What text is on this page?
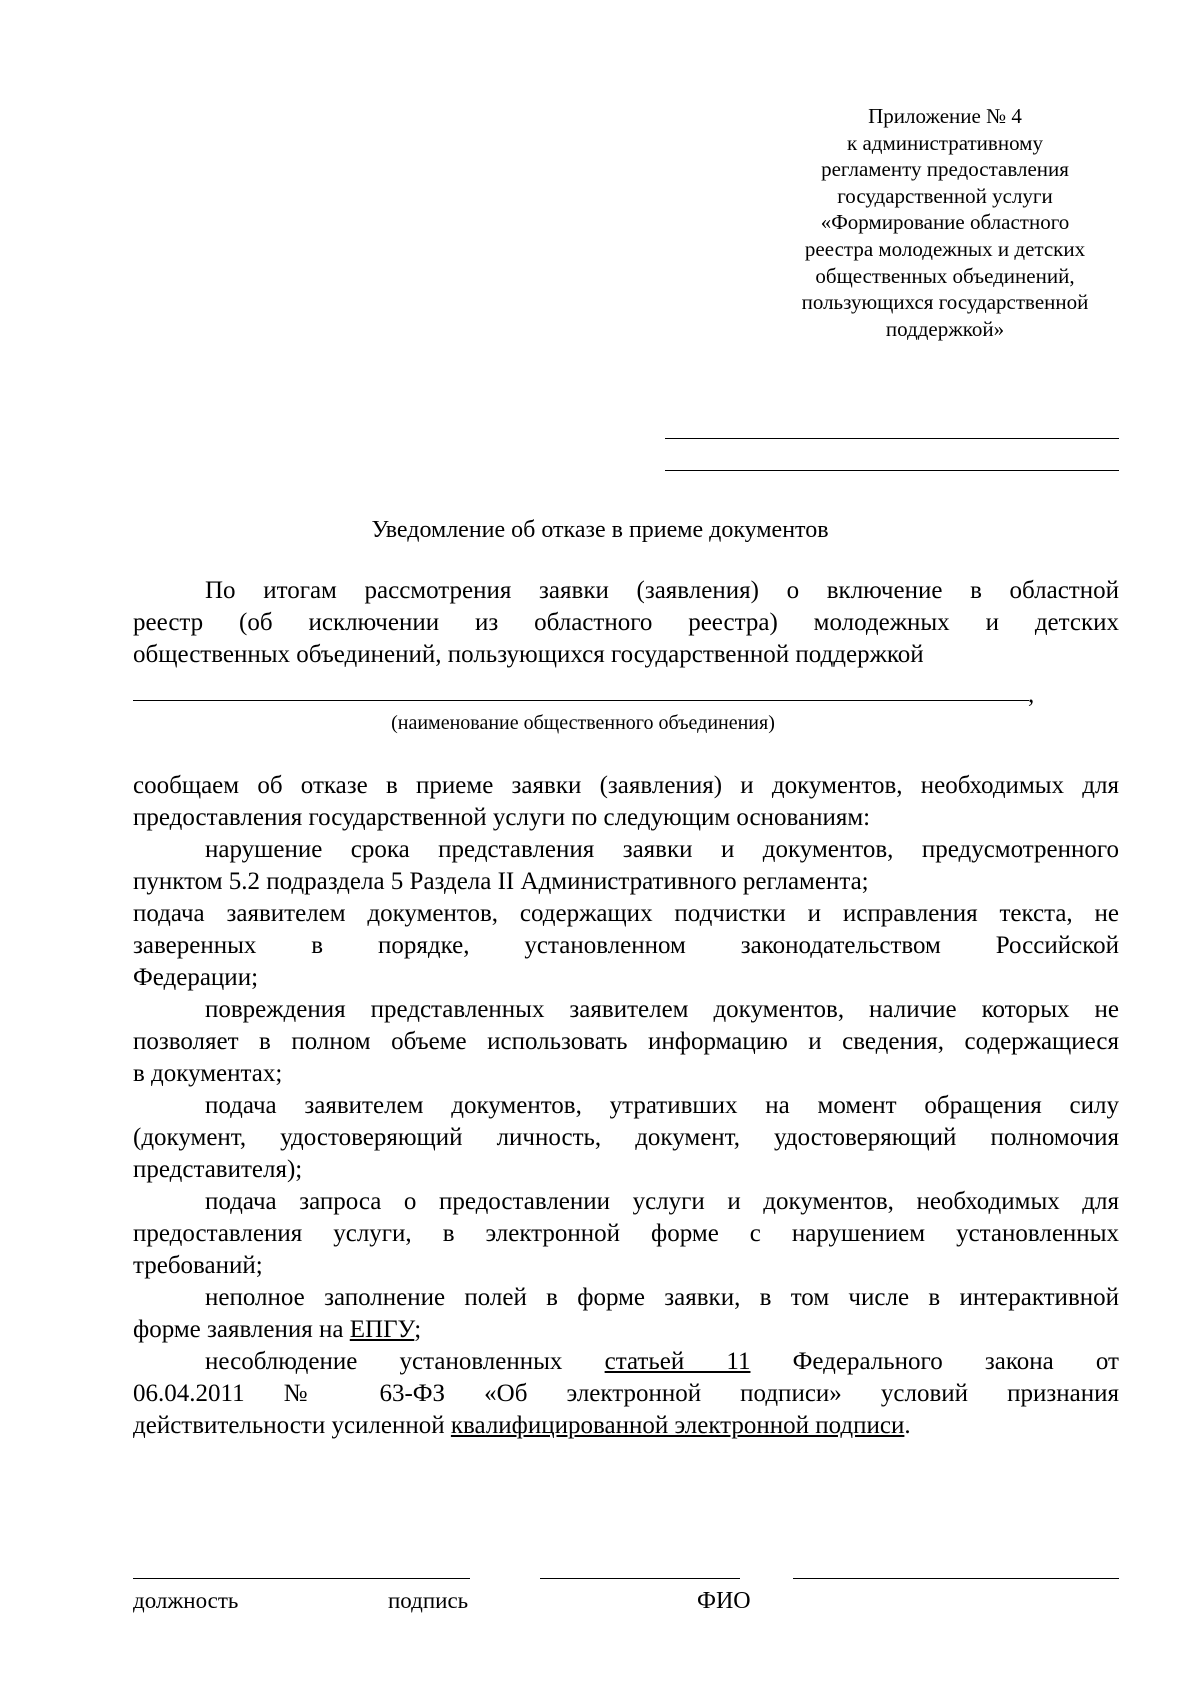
Приложение № 4
к административному
регламенту предоставления
государственной услуги
«Формирование областного
реестра молодежных и детских
общественных объединений,
пользующихся государственной
поддержкой»
Уведомление об отказе в приеме документов
По итогам рассмотрения заявки (заявления) о включение в областной
реестр (об исключении из областного реестра) молодежных и детских
общественных объединений, пользующихся государственной поддержкой
,
(наименование общественного объединения)
сообщаем об отказе в приеме заявки (заявления) и документов, необходимых для
предоставления государственной услуги по следующим основаниям:
нарушение срока представления заявки и документов, предусмотренного
пунктом 5.2 подраздела 5 Раздела II Административного регламента;
подача заявителем документов, содержащих подчистки и исправления текста, не
заверенных в порядке, установленном законодательством Российской
Федерации;
повреждения представленных заявителем документов, наличие которых не
позволяет в полном объеме использовать информацию и сведения, содержащиеся
в документах;
подача заявителем документов, утративших на момент обращения силу
(документ, удостоверяющий личность, документ, удостоверяющий полномочия
представителя);
подача запроса о предоставлении услуги и документов, необходимых для
предоставления услуги, в электронной форме с нарушением установленных
требований;
неполное заполнение полей в форме заявки, в том числе в интерактивной
форме заявления на ЕПГУ;
несоблюдение установленных статьей 11 Федерального закона от
06.04.2011 № 63-ФЗ «Об электронной подписи» условий признания
действительности усиленной квалифицированной электронной подписи.
должность	подпись	ФИО
